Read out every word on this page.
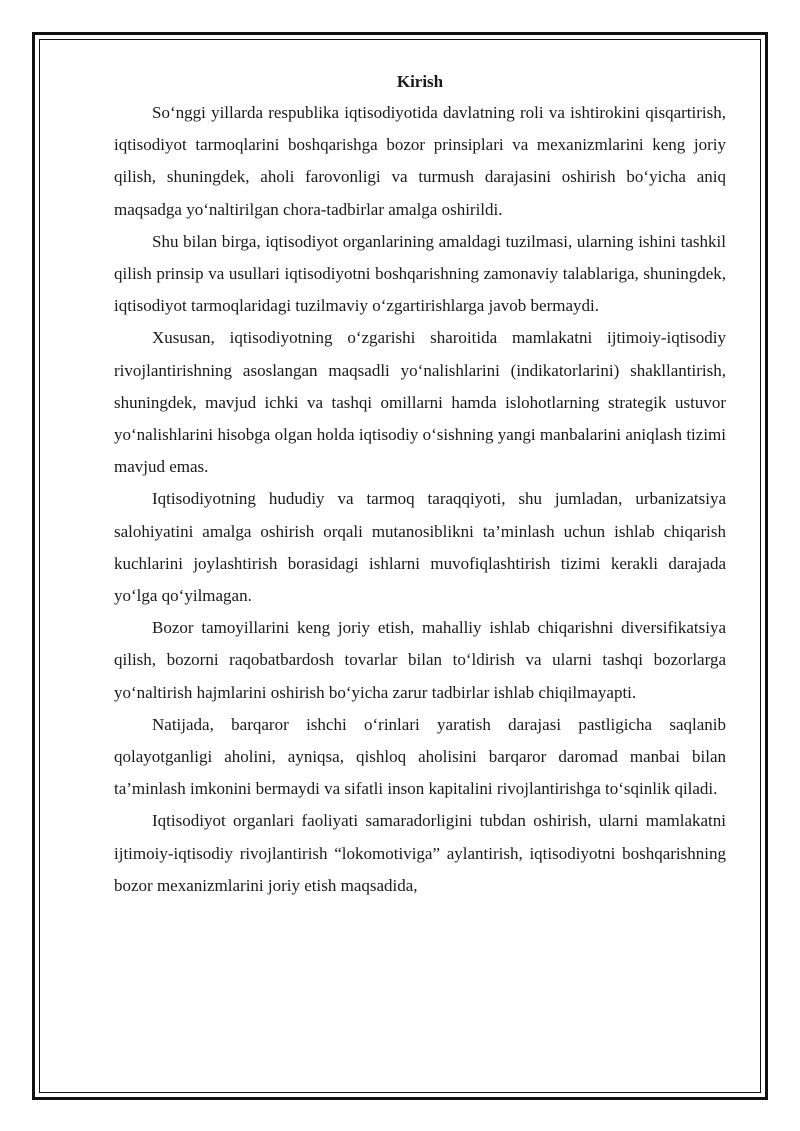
Kirish

So‘nggi yillarda respublika iqtisodiyotida davlatning roli va ishtirokini qisqartirish, iqtisodiyot tarmoqlarini boshqarishga bozor prinsiplari va mexanizmlarini keng joriy qilish, shuningdek, aholi farovonligi va turmush darajasini oshirish bo‘yicha aniq maqsadga yo‘naltirilgan chora-tadbirlar amalga oshirildi.

Shu bilan birga, iqtisodiyot organlarining amaldagi tuzilmasi, ularning ishini tashkil qilish prinsip va usullari iqtisodiyotni boshqarishning zamonaviy talablariga, shuningdek, iqtisodiyot tarmoqlaridagi tuzilmaviy o‘zgartirishlarga javob bermaydi.

Xususan, iqtisodiyotning o‘zgarishi sharoitida mamlakatni ijtimoiy-iqtisodiy rivojlantirishning asoslangan maqsadli yo‘nalishlarini (indikatorlarini) shakllantirish, shuningdek, mavjud ichki va tashqi omillarni hamda islohotlarning strategik ustuvor yo‘nalishlarini hisobga olgan holda iqtisodiy o‘sishning yangi manbalarini aniqlash tizimi mavjud emas.

Iqtisodiyotning hududiy va tarmoq taraqqiyoti, shu jumladan, urbanizatsiya salohiyatini amalga oshirish orqali mutanosiblikni ta’minlash uchun ishlab chiqarish kuchlarini joylashtirish borasidagi ishlarni muvofiqlashtirish tizimi kerakli darajada yo‘lga qo‘yilmagan.

Bozor tamoyillarini keng joriy etish, mahalliy ishlab chiqarishni diversifikatsiya qilish, bozorni raqobatbardosh tovarlar bilan to‘ldirish va ularni tashqi bozorlarga yo‘naltirish hajmlarini oshirish bo‘yicha zarur tadbirlar ishlab chiqilmayapti.

Natijada, barqaror ishchi o‘rinlari yaratish darajasi pastligicha saqlanib qolayotganligi aholini, ayniqsa, qishloq aholisini barqaror daromad manbai bilan ta’minlash imkonini bermaydi va sifatli inson kapitalini rivojlantirishga to‘sqinlik qiladi.

Iqtisodiyot organlari faoliyati samaradorligini tubdan oshirish, ularni mamlakatni ijtimoiy-iqtisodiy rivojlantirish “lokomotiviga” aylantirish, iqtisodiyotni boshqarishning bozor mexanizmlarini joriy etish maqsadida,
